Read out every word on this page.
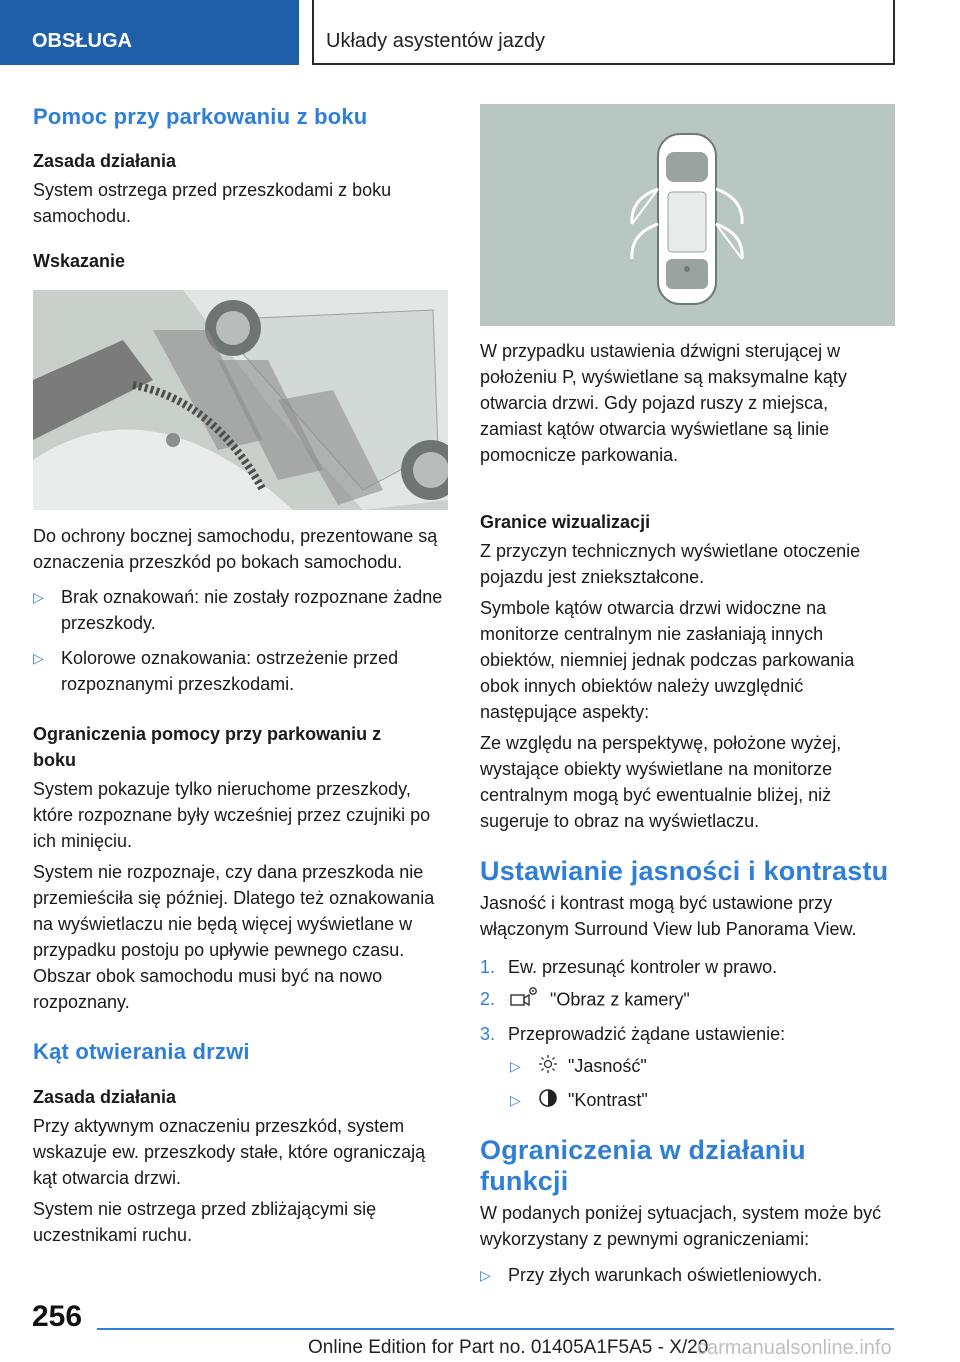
OBSŁUGA	Układy asystentów jazdy
Pomoc przy parkowaniu z boku
Zasada działania

System ostrzega przed przeszkodami z boku samochodu.

Wskazanie

Do ochrony bocznej samochodu, prezentowane są oznaczenia przeszkód po bokach samochodu.

▷ Brak oznakowań: nie zostały rozpoznane żadne przeszkody.
▷ Kolorowe oznakowania: ostrzeżenie przed rozpoznanymi przeszkodami.
Ograniczenia pomocy przy parkowaniu z boku

System pokazuje tylko nieruchome przeszkody, które rozpoznane były wcześniej przez czujniki po ich minięciu.

System nie rozpoznaje, czy dana przeszkoda nie przemieściła się później. Dlatego też oznakowania na wyświetlaczu nie będą więcej wyświetlane w przypadku postoju po upływie pewnego czasu. Obszar obok samochodu musi być na nowo rozpoznany.

Kąt otwierania drzwi
Zasada działania

Przy aktywnym oznaczeniu przeszkód, system wskazuje ew. przeszkody stałe, które ograniczają kąt otwarcia drzwi.

System nie ostrzega przed zbliżającymi się uczestnikami ruchu.

W przypadku ustawienia dźwigni sterującej w położeniu P, wyświetlane są maksymalne kąty otwarcia drzwi. Gdy pojazd ruszy z miejsca, zamiast kątów otwarcia wyświetlane są linie pomocnicze parkowania.

Granice wizualizacji

Z przyczyn technicznych wyświetlane otoczenie pojazdu jest zniekształcone.

Symbole kątów otwarcia drzwi widoczne na monitorze centralnym nie zasłaniają innych obiektów, niemniej jednak podczas parkowania obok innych obiektów należy uwzględnić następujące aspekty:

Ze względu na perspektywę, położone wyżej, wystające obiekty wyświetlane na monitorze centralnym mogą być ewentualnie bliżej, niż sugeruje to obraz na wyświetlaczu.

Ustawianie jasności i kontrastu

Jasność i kontrast mogą być ustawione przy włączonym Surround View lub Panorama View.

1. Ew. przesunąć kontroler w prawo.
2.	"Obraz z kamery"
3. Przeprowadzić żądane ustawienie:
▷	"Jasność"
▷	"Kontrast"
Ograniczenia w działaniu funkcji

W podanych poniżej sytuacjach, system może być wykorzystany z pewnymi ograniczeniami:

▷ Przy złych warunkach oświetleniowych.
256
Online Edition for Part no. 01405A1F5A5 - X/20
carmanualsonline.info
